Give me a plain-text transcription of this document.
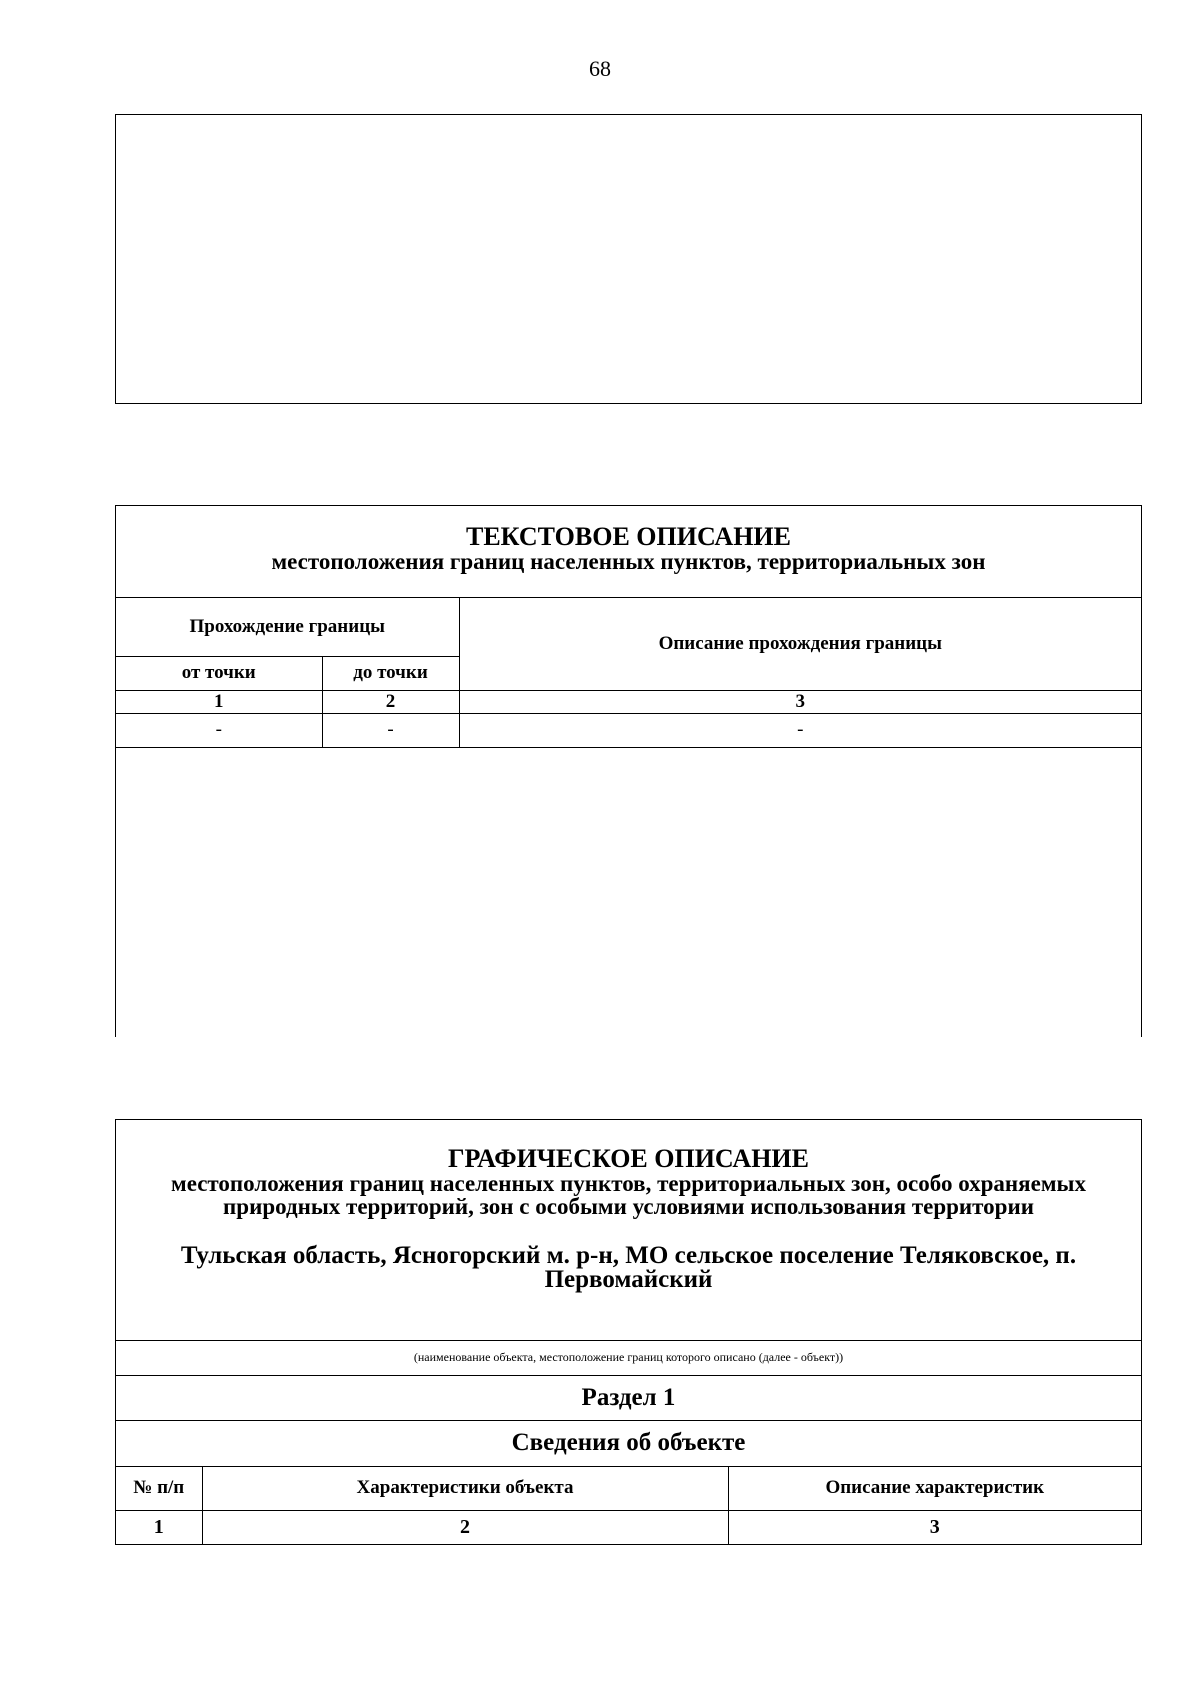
68
ТЕКСТОВОЕ ОПИСАНИЕ
местоположения границ населенных пунктов, территориальных зон
Прохождение границы		Описание прохождения границы
от точки	до точки	
1	2	3
-	-	-
ГРАФИЧЕСКОЕ ОПИСАНИЕ
местоположения границ населенных пунктов, территориальных зон, особо охраняемых природных территорий, зон с особыми условиями использования территории
Тульская область, Ясногорский м. р-н, МО сельское поселение Теляковское, п. Первомайский
(наименование объекта, местоположение границ которого описано (далее - объект))
Раздел 1
Сведения об объекте
№ п/п	Характеристики объекта	Описание характеристик
1	2	3
